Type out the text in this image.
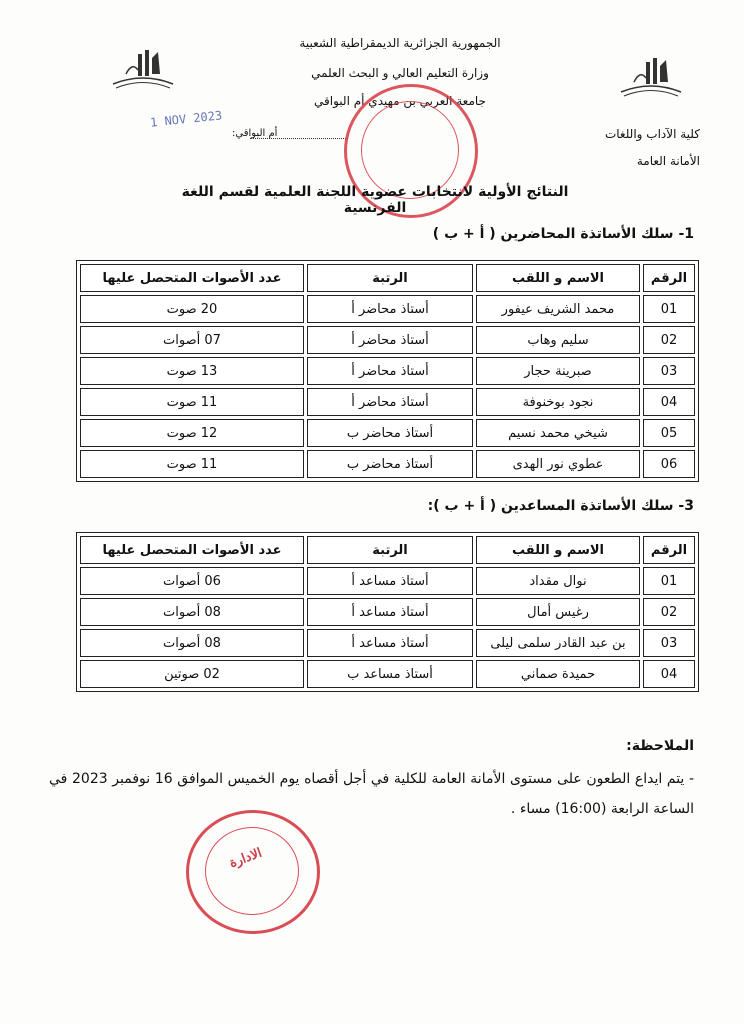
الجمهورية الجزائرية الديمقراطية الشعبية
وزارة التعليم العالي و البحث العلمي
جامعة العربي بن مهيدي أم البواقي
كلية الآداب واللغات
الأمانة العامة
أم البواقي:
1 NOV 2023
النتائج الأولية لانتخابات عضوية اللجنة العلمية لقسم اللغة الفرنسية
1- سلك الأساتذة المحاضرين ( أ + ب )
الرقم	الاسم و اللقب	الرتبة	عدد الأصوات المتحصل عليها
01	محمد الشريف عيفور	أستاذ محاضر أ	20 صوت
02	سليم وهاب	أستاذ محاضر أ	07 أصوات
03	صبرينة حجار	أستاذ محاضر أ	13 صوت
04	نجود بوخنوفة	أستاذ محاضر أ	11 صوت
05	شيخي محمد نسيم	أستاذ محاضر ب	12 صوت
06	عطوي نور الهدى	أستاذ محاضر ب	11 صوت
3- سلك الأساتذة المساعدين ( أ + ب ):
الرقم	الاسم و اللقب	الرتبة	عدد الأصوات المتحصل عليها
01	نوال مقداد	أستاذ مساعد أ	06 أصوات
02	رغيس أمال	أستاذ مساعد أ	08 أصوات
03	بن عبد القادر سلمى ليلى	أستاذ مساعد أ	08 أصوات
04	حميدة صماني	أستاذ مساعد ب	02 صوتين
الملاحظة:
- يتم ايداع الطعون على مستوى الأمانة العامة للكلية في أجل أقصاه يوم الخميس الموافق 16 نوفمبر 2023 في الساعة الرابعة (16:00) مساء .
الادارة
